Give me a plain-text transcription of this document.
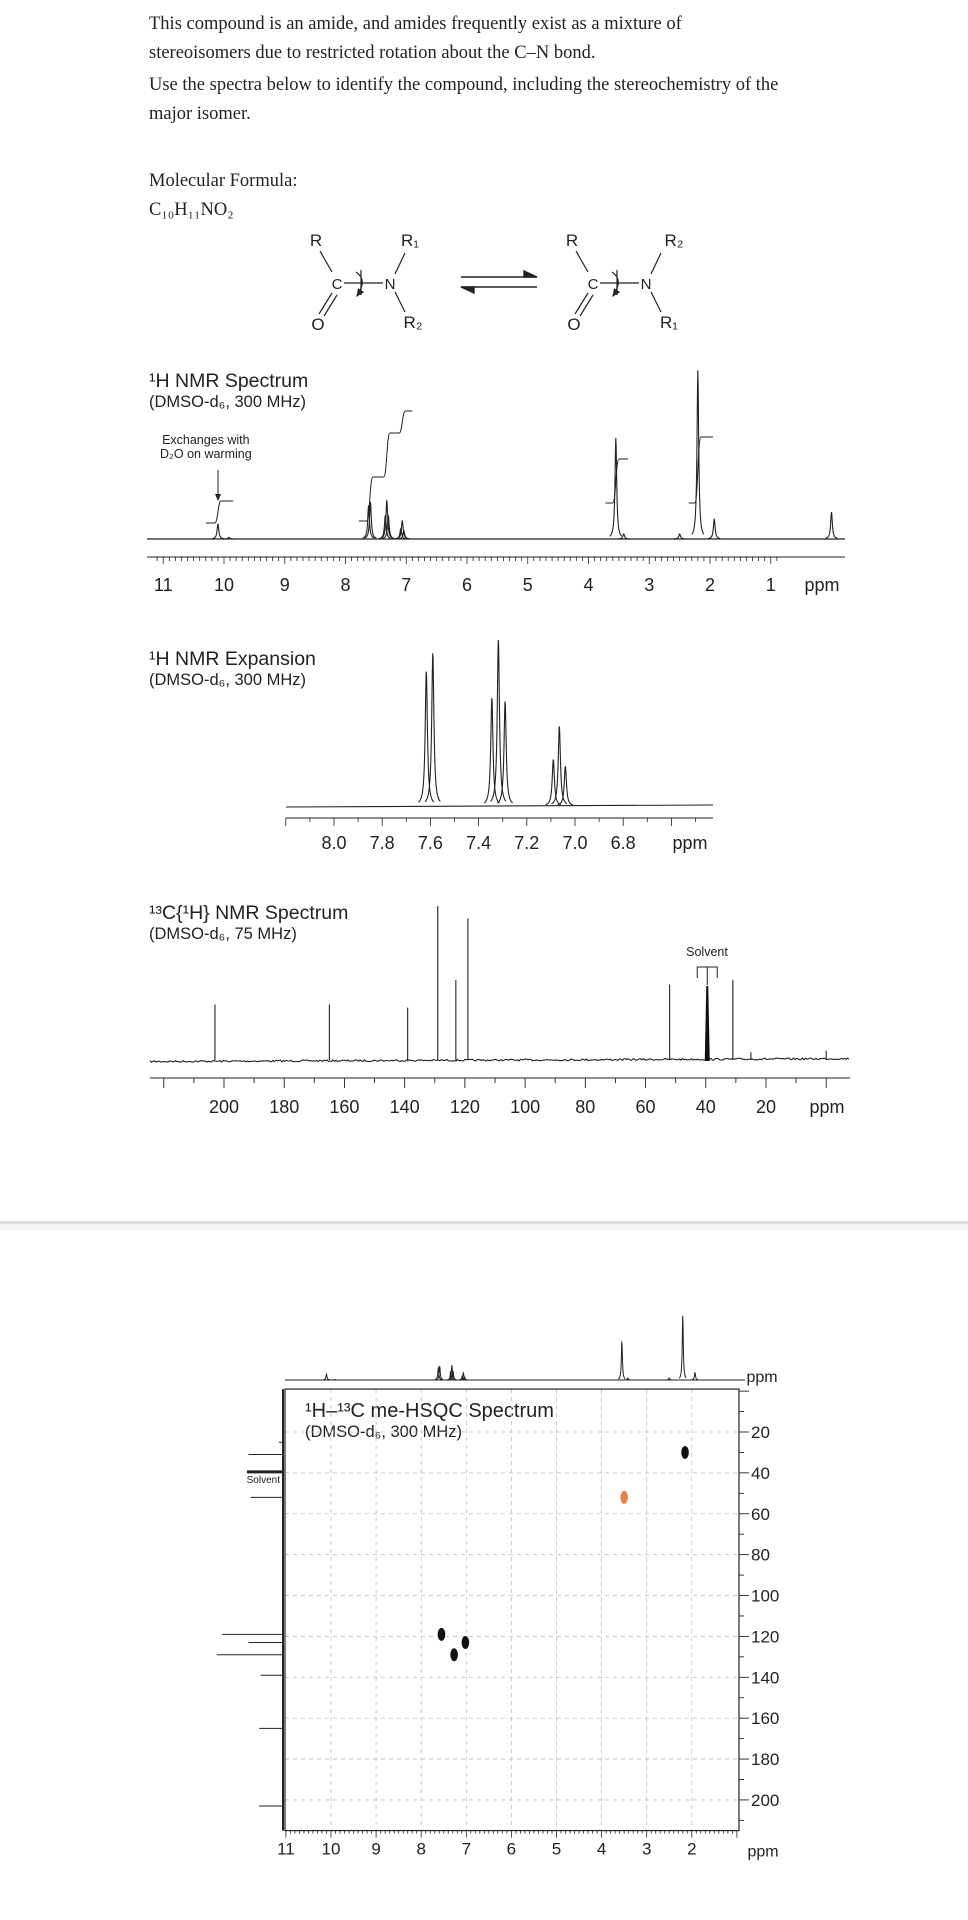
This compound is an amide, and amides frequently exist as a mixture of
stereoisomers due to restricted rotation about the C–N bond.
Use the spectra below to identify the compound, including the stereochemistry of the
major isomer.

Molecular Formula:
C₁₀H₁₁NO₂

¹H NMR Spectrum
(DMSO-d₆, 300 MHz)
Exchanges with
D₂O on warming
¹H NMR Expansion
(DMSO-d₆, 300 MHz)
¹³C{¹H} NMR Spectrum
(DMSO-d₆, 75 MHz)
Solvent
¹H–¹³C me-HSQC Spectrum
(DMSO-d₆, 300 MHz)
Solvent
R	R₁
C	N
O	R₂
R	R₂
C	N
O	R₁
11 10	9	8	7	6	5	4	3	2	1 ppm
8.0 7.8 7.6 7.4 7.2 7.0 6.8 ppm
200 180 160 140 120 100 80 60 40 20 ppm
20
40
60
80
100
120
140
160
180
200
ppm
11 10 9 8 7 6 5 4 3 2	ppm
